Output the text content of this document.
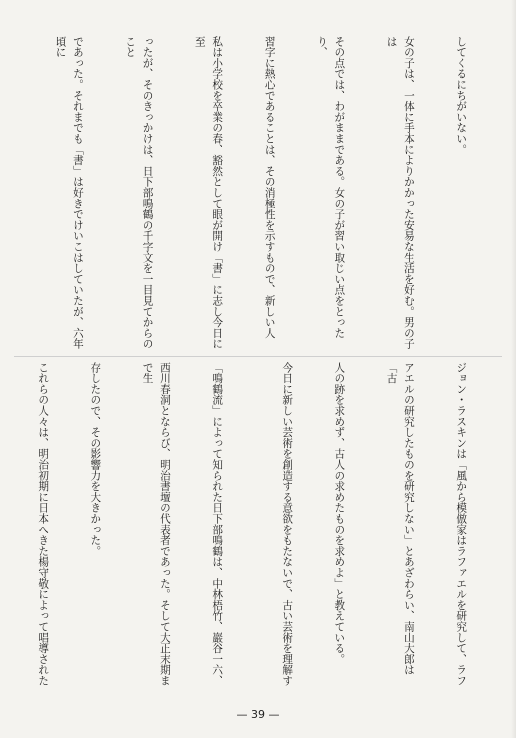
してくるにちがいない。

女の子は、一体に手本によりかかった安易な生活を好む。男の子は

その点では、わがままである。女の子が習い取じい点をとったり、

習字に熱心であることは、その消極性を示すもので、新しい人

私は小学校を卒業の春、豁然として眼が開け「書」に志し今日に至

ったが、そのきっかけは、日下部鳴鶴の千字文を一目見てからのこと

であった。それまでも「書」は好きでけいこはしていたが、六年頃に

ジョン・ラスキンは「風から模倣家はラファエルを研究して、ラフ

アエルの研究したものを研究しない」とあざわらい、南山大郎は「古

人の跡を求めず、古人の求めたものを求めよ」と教えている。

今日に新しい芸術を創造する意欲をもたないで、古い芸術を理解す

「鳴鶴流」によって知られた日下部鳴鶴は、中林梧竹、巖谷一六、

西川春洞とならび、明治書壇の代表者であった。そして大正末期まで生

存したので、その影響力を大きかった。

これらの人々は、明治初期に日本へきた楊守敬によって唱導された

— 39 —
